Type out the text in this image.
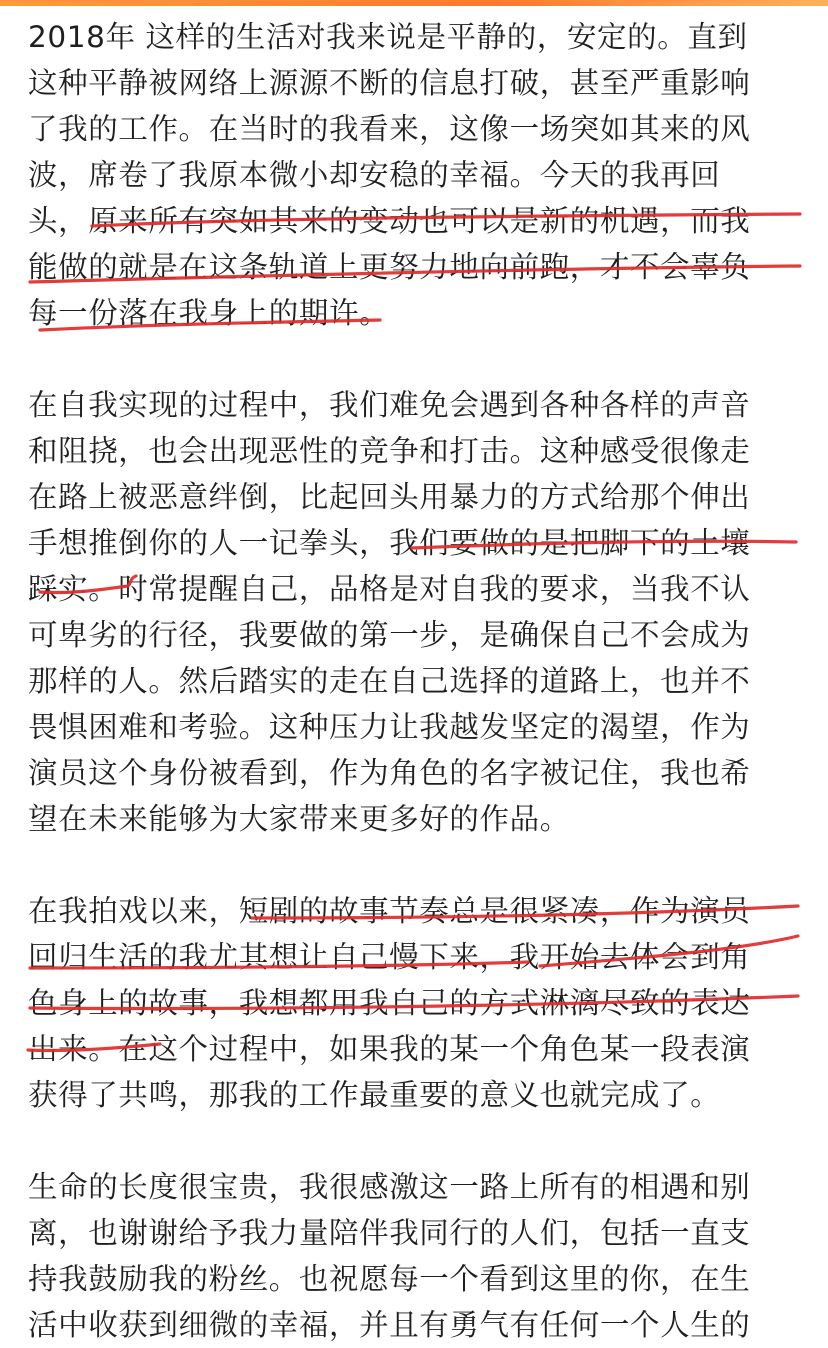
2018年 这样的生活对我来说是平静的，安定的。直到
这种平静被网络上源源不断的信息打破，甚至严重影响
了我的工作。在当时的我看来，这像一场突如其来的风
波，席卷了我原本微小却安稳的幸福。今天的我再回
头，原来所有突如其来的变动也可以是新的机遇，而我
能做的就是在这条轨道上更努力地向前跑，才不会辜负
每一份落在我身上的期许。
在自我实现的过程中，我们难免会遇到各种各样的声音
和阻挠，也会出现恶性的竞争和打击。这种感受很像走
在路上被恶意绊倒，比起回头用暴力的方式给那个伸出
手想推倒你的人一记拳头，我们要做的是把脚下的土壤
踩实。时常提醒自己，品格是对自我的要求，当我不认
可卑劣的行径，我要做的第一步，是确保自己不会成为
那样的人。然后踏实的走在自己选择的道路上，也并不
畏惧困难和考验。这种压力让我越发坚定的渴望，作为
演员这个身份被看到，作为角色的名字被记住，我也希
望在未来能够为大家带来更多好的作品。
在我拍戏以来，短剧的故事节奏总是很紧凑，作为演员
回归生活的我尤其想让自己慢下来，我开始去体会到角
色身上的故事，我想都用我自己的方式淋漓尽致的表达
出来。在这个过程中，如果我的某一个角色某一段表演
获得了共鸣，那我的工作最重要的意义也就完成了。
生命的长度很宝贵，我很感激这一路上所有的相遇和别
离，也谢谢给予我力量陪伴我同行的人们，包括一直支
持我鼓励我的粉丝。也祝愿每一个看到这里的你，在生
活中收获到细微的幸福，并且有勇气有任何一个人生的
